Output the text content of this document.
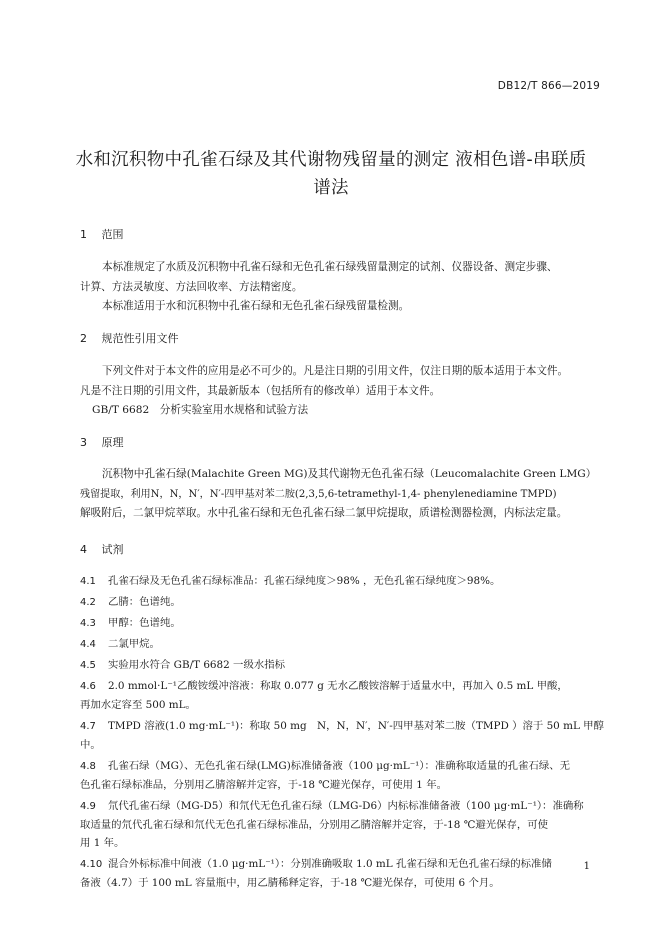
DB12/T 866—2019
水和沉积物中孔雀石绿及其代谢物残留量的测定 液相色谱-串联质
谱法
1 范围
本标准规定了水质及沉积物中孔雀石绿和无色孔雀石绿残留量测定的试剂、仪器设备、测定步骤、
计算、方法灵敏度、方法回收率、方法精密度。
本标准适用于水和沉积物中孔雀石绿和无色孔雀石绿残留量检测。
2 规范性引用文件
下列文件对于本文件的应用是必不可少的。凡是注日期的引用文件，仅注日期的版本适用于本文件。
凡是不注日期的引用文件，其最新版本（包括所有的修改单）适用于本文件。
GB/T 6682　分析实验室用水规格和试验方法
3 原理
沉积物中孔雀石绿(Malachite Green MG)及其代谢物无色孔雀石绿（Leucomalachite Green LMG）
残留提取，利用N，N，N′，N′-四甲基对苯二胺(2,3,5,6-tetramethyl-1,4- phenylenediamine TMPD)
解吸附后，二氯甲烷萃取。水中孔雀石绿和无色孔雀石绿二氯甲烷提取，质谱检测器检测，内标法定量。
4 试剂
4.1 孔雀石绿及无色孔雀石绿标准品：孔雀石绿纯度＞98% ，无色孔雀石绿纯度＞98%。
4.2 乙腈：色谱纯。
4.3 甲醇：色谱纯。
4.4 二氯甲烷。
4.5 实验用水符合 GB/T 6682 一级水指标
4.6 2.0 mmol·L⁻¹乙酸铵缓冲溶液：称取 0.077 g 无水乙酸铵溶解于适量水中，再加入 0.5 mL 甲酸，
再加水定容至 500 mL。
4.7 TMPD 溶液(1.0 mg·mL⁻¹)：称取 50 mg　N，N，N′，N′-四甲基对苯二胺（TMPD ）溶于 50 mL 甲醇
中。
4.8 孔雀石绿（MG）、无色孔雀石绿(LMG)标准储备液（100 μg·mL⁻¹）：准确称取适量的孔雀石绿、无
色孔雀石绿标准品，分别用乙腈溶解并定容，于-18 ℃避光保存，可使用 1 年。
4.9 氘代孔雀石绿（MG-D5）和氘代无色孔雀石绿（LMG-D6）内标标准储备液（100 μg·mL⁻¹）：准确称
取适量的氘代孔雀石绿和氘代无色孔雀石绿标准品，分别用乙腈溶解并定容，于-18 ℃避光保存，可使
用 1 年。
4.10 混合外标标准中间液（1.0 μg·mL⁻¹）：分别准确吸取 1.0 mL 孔雀石绿和无色孔雀石绿的标准储
备液（4.7）于 100 mL 容量瓶中，用乙腈稀释定容，于-18 ℃避光保存，可使用 6 个月。
1
